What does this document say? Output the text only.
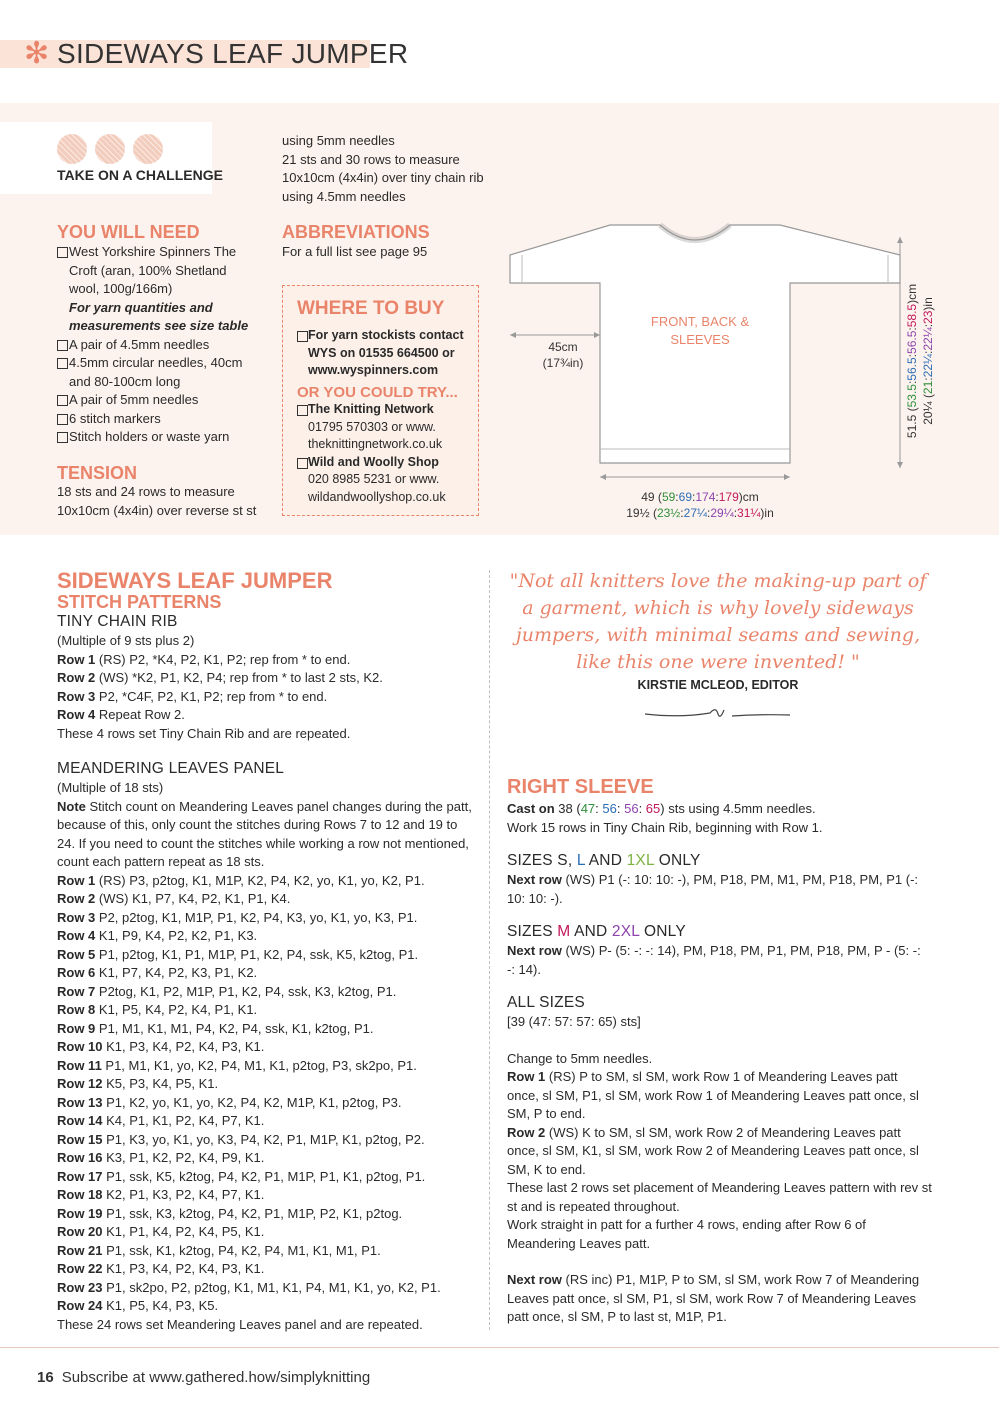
✻ SIDEWAYS LEAF JUMPER
TAKE ON A CHALLENGE
YOU WILL NEED
West Yorkshire Spinners The Croft (aran, 100% Shetland wool, 100g/166m)
For yarn quantities and measurements see size table
A pair of 4.5mm needles
4.5mm circular needles, 40cm and 80-100cm long
A pair of 5mm needles
6 stitch markers
Stitch holders or waste yarn
TENSION
18 sts and 24 rows to measure
10x10cm (4x4in) over reverse st st
using 5mm needles
21 sts and 30 rows to measure
10x10cm (4x4in) over tiny chain rib
using 4.5mm needles
ABBREVIATIONS
For a full list see page 95
WHERE TO BUY
For yarn stockists contact WYS on 01535 664500 or www.wyspinners.com
OR YOU COULD TRY...
The Knitting Network
01795 570303 or www. theknittingnetwork.co.uk
Wild and Woolly Shop
020 8985 5231 or www. wildandwoollyshop.co.uk
FRONT, BACK & SLEEVES
45cm
(17¾in)
49 (59:69:174:179)cm
19½ (23½:27¼:29¼:31¼)in
51.5 (53.5:56.5:56.5:58.5)cm
20¼ (21:22¼:22¼:23)in
SIDEWAYS LEAF JUMPER
STITCH PATTERNS
TINY CHAIN RIB

(Multiple of 9 sts plus 2)

Row 1 (RS) P2, *K4, P2, K1, P2; rep from * to end.

Row 2 (WS) *K2, P1, K2, P4; rep from * to last 2 sts, K2.

Row 3 P2, *C4F, P2, K1, P2; rep from * to end.

Row 4 Repeat Row 2.

These 4 rows set Tiny Chain Rib and are repeated.

MEANDERING LEAVES PANEL

(Multiple of 18 sts)

Note Stitch count on Meandering Leaves panel changes during the patt, because of this, only count the stitches during Rows 7 to 12 and 19 to 24. If you need to count the stitches while working a row not mentioned, count each pattern repeat as 18 sts.

Row 1 (RS) P3, p2tog, K1, M1P, K2, P4, K2, yo, K1, yo, K2, P1.

Row 2 (WS) K1, P7, K4, P2, K1, P1, K4.

Row 3 P2, p2tog, K1, M1P, P1, K2, P4, K3, yo, K1, yo, K3, P1.

Row 4 K1, P9, K4, P2, K2, P1, K3.

Row 5 P1, p2tog, K1, P1, M1P, P1, K2, P4, ssk, K5, k2tog, P1.

Row 6 K1, P7, K4, P2, K3, P1, K2.

Row 7 P2tog, K1, P2, M1P, P1, K2, P4, ssk, K3, k2tog, P1.

Row 8 K1, P5, K4, P2, K4, P1, K1.

Row 9 P1, M1, K1, M1, P4, K2, P4, ssk, K1, k2tog, P1.

Row 10 K1, P3, K4, P2, K4, P3, K1.

Row 11 P1, M1, K1, yo, K2, P4, M1, K1, p2tog, P3, sk2po, P1.

Row 12 K5, P3, K4, P5, K1.

Row 13 P1, K2, yo, K1, yo, K2, P4, K2, M1P, K1, p2tog, P3.

Row 14 K4, P1, K1, P2, K4, P7, K1.

Row 15 P1, K3, yo, K1, yo, K3, P4, K2, P1, M1P, K1, p2tog, P2.

Row 16 K3, P1, K2, P2, K4, P9, K1.

Row 17 P1, ssk, K5, k2tog, P4, K2, P1, M1P, P1, K1, p2tog, P1.

Row 18 K2, P1, K3, P2, K4, P7, K1.

Row 19 P1, ssk, K3, k2tog, P4, K2, P1, M1P, P2, K1, p2tog.

Row 20 K1, P1, K4, P2, K4, P5, K1.

Row 21 P1, ssk, K1, k2tog, P4, K2, P4, M1, K1, M1, P1.

Row 22 K1, P3, K4, P2, K4, P3, K1.

Row 23 P1, sk2po, P2, p2tog, K1, M1, K1, P4, M1, K1, yo, K2, P1.

Row 24 K1, P5, K4, P3, K5.

These 24 rows set Meandering Leaves panel and are repeated.

"Not all knitters love the making-up part of a garment, which is why lovely sideways jumpers, with minimal seams and sewing, like this one were invented! "
KIRSTIE MCLEOD, EDITOR
RIGHT SLEEVE

Cast on 38 (47: 56: 56: 65) sts using 4.5mm needles.

Work 15 rows in Tiny Chain Rib, beginning with Row 1.

SIZES S, L AND 1XL ONLY

Next row (WS) P1 (-: 10: 10: -), PM, P18, PM, M1, PM, P18, PM, P1 (-: 10: 10: -).

SIZES M AND 2XL ONLY

Next row (WS) P- (5: -: -: 14), PM, P18, PM, P1, PM, P18, PM, P - (5: -: -: 14).

ALL SIZES

[39 (47: 57: 57: 65) sts]

Change to 5mm needles.

Row 1 (RS) P to SM, sl SM, work Row 1 of Meandering Leaves patt once, sl SM, P1, sl SM, work Row 1 of Meandering Leaves patt once, sl SM, P to end.

Row 2 (WS) K to SM, sl SM, work Row 2 of Meandering Leaves patt once, sl SM, K1, sl SM, work Row 2 of Meandering Leaves patt once, sl SM, K to end.

These last 2 rows set placement of Meandering Leaves pattern with rev st st and is repeated throughout.

Work straight in patt for a further 4 rows, ending after Row 6 of Meandering Leaves patt.

Next row (RS inc) P1, M1P, P to SM, sl SM, work Row 7 of Meandering Leaves patt once, sl SM, P1, sl SM, work Row 7 of Meandering Leaves patt once, sl SM, P to last st, M1P, P1.

16 Subscribe at www.gathered.how/simplyknitting
